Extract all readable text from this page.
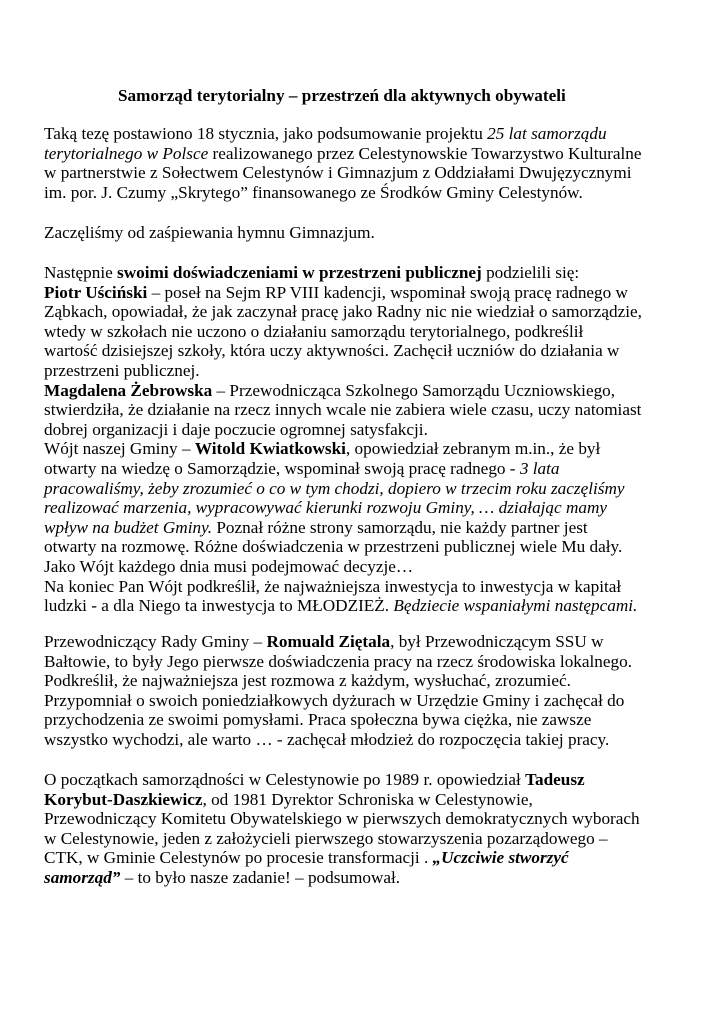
Samorząd terytorialny – przestrzeń dla aktywnych obywateli
Taką tezę postawiono 18 stycznia, jako podsumowanie projektu 25 lat samorządu
terytorialnego w Polsce realizowanego przez Celestynowskie Towarzystwo Kulturalne
w partnerstwie z Sołectwem Celestynów i Gimnazjum z Oddziałami Dwujęzycznymi
im. por. J. Czumy „Skrytego” finansowanego ze Środków Gminy Celestynów.
Zaczęliśmy od zaśpiewania hymnu Gimnazjum.
Następnie swoimi doświadczeniami w przestrzeni publicznej podzielili się:
Piotr Uściński – poseł na Sejm RP VIII kadencji, wspominał swoją pracę radnego w
Ząbkach, opowiadał, że jak zaczynał pracę jako Radny nic nie wiedział o samorządzie,
wtedy w szkołach nie uczono o działaniu samorządu terytorialnego, podkreślił
wartość dzisiejszej szkoły, która uczy aktywności. Zachęcił uczniów do działania w
przestrzeni publicznej.
Magdalena Żebrowska – Przewodnicząca Szkolnego Samorządu Uczniowskiego,
stwierdziła, że działanie na rzecz innych wcale nie zabiera wiele czasu, uczy natomiast
dobrej organizacji i daje poczucie ogromnej satysfakcji.
Wójt naszej Gminy – Witold Kwiatkowski, opowiedział zebranym m.in., że był
otwarty na wiedzę o Samorządzie, wspominał swoją pracę radnego - 3 lata
pracowaliśmy, żeby zrozumieć o co w tym chodzi, dopiero w trzecim roku zaczęliśmy
realizować marzenia, wypracowywać kierunki rozwoju Gminy, … działając mamy
wpływ na budżet Gminy. Poznał różne strony samorządu, nie każdy partner jest
otwarty na rozmowę. Różne doświadczenia w przestrzeni publicznej wiele Mu dały.
Jako Wójt każdego dnia musi podejmować decyzje…
Na koniec Pan Wójt podkreślił, że najważniejsza inwestycja to inwestycja w kapitał
ludzki - a dla Niego ta inwestycja to MŁODZIEŻ. Będziecie wspaniałymi następcami.
Przewodniczący Rady Gminy – Romuald Ziętala, był Przewodniczącym SSU w
Bałtowie, to były Jego pierwsze doświadczenia pracy na rzecz środowiska lokalnego.
Podkreślił, że najważniejsza jest rozmowa z każdym, wysłuchać, zrozumieć.
Przypomniał o swoich poniedziałkowych dyżurach w Urzędzie Gminy i zachęcał do
przychodzenia ze swoimi pomysłami. Praca społeczna bywa ciężka, nie zawsze
wszystko wychodzi, ale warto … - zachęcał młodzież do rozpoczęcia takiej pracy.
O początkach samorządności w Celestynowie po 1989 r. opowiedział Tadeusz
Korybut-Daszkiewicz, od 1981 Dyrektor Schroniska w Celestynowie,
Przewodniczący Komitetu Obywatelskiego w pierwszych demokratycznych wyborach
w Celestynowie, jeden z założycieli pierwszego stowarzyszenia pozarządowego –
CTK, w Gminie Celestynów po procesie transformacji . „Uczciwie stworzyć
samorząd” – to było nasze zadanie! – podsumował.
